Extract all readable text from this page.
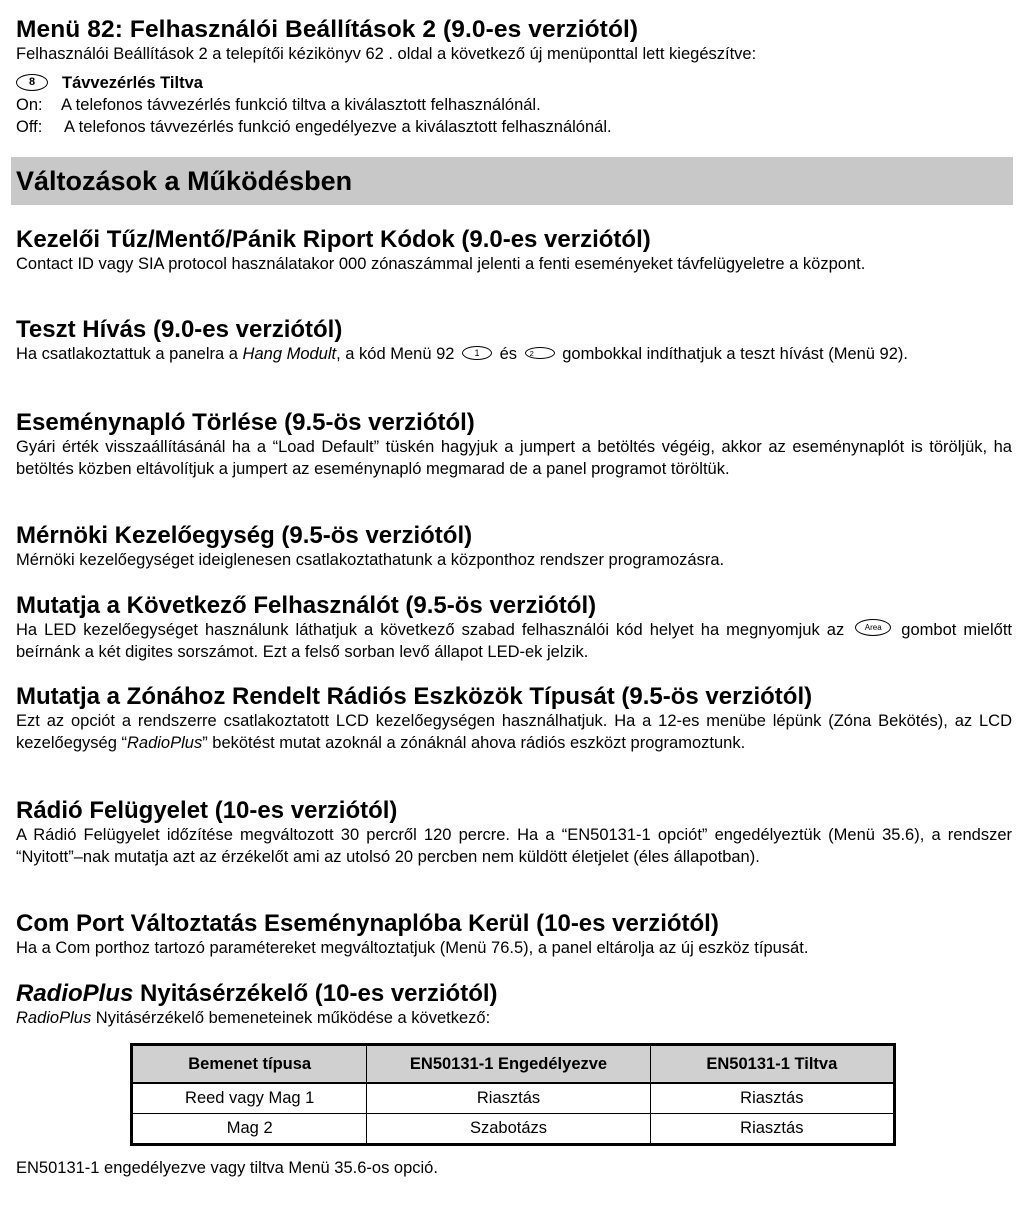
Menü 82: Felhasználói Beállítások 2 (9.0-es verziótól)

Felhasználói Beállítások 2 a telepítői kézikönyv 62 . oldal a következő új menüponttal lett kiegészítve:

8 Távvezérlés Tiltva

On: A telefonos távvezérlés funkció tiltva a kiválasztott felhasználónál.

Off: A telefonos távvezérlés funkció engedélyezve a kiválasztott felhasználónál.

Változások a Működésben
Kezelői Tűz/Mentő/Pánik Riport Kódok (9.0-es verziótól)

Contact ID vagy SIA protocol használatakor 000 zónaszámmal jelenti a fenti eseményeket távfelügyeletre a központ.

Teszt Hívás (9.0-es verziótól)

Ha csatlakoztattuk a panelra a Hang Modult, a kód Menü 92 1 és 2 gombokkal indíthatjuk a teszt hívást (Menü 92).

Eseménynapló Törlése (9.5-ös verziótól)

Gyári érték visszaállításánál ha a “Load Default” tüskén hagyjuk a jumpert a betöltés végéig, akkor az eseménynaplót is töröljük, ha betöltés közben eltávolítjuk a jumpert az eseménynapló megmarad de a panel programot töröltük.

Mérnöki Kezelőegység (9.5-ös verziótól)

Mérnöki kezelőegységet ideiglenesen csatlakoztathatunk a központhoz rendszer programozásra.

Mutatja a Következő Felhasználót (9.5-ös verziótól)

Ha LED kezelőegységet használunk láthatjuk a következő szabad felhasználói kód helyet ha megnyomjuk az Area gombot mielőtt beírnánk a két digites sorszámot. Ezt a felső sorban levő állapot LED-ek jelzik.

Mutatja a Zónához Rendelt Rádiós Eszközök Típusát (9.5-ös verziótól)

Ezt az opciót a rendszerre csatlakoztatott LCD kezelőegységen használhatjuk. Ha a 12-es menübe lépünk (Zóna Bekötés), az LCD kezelőegység “RadioPlus” bekötést mutat azoknál a zónáknál ahova rádiós eszközt programoztunk.

Rádió Felügyelet (10-es verziótól)

A Rádió Felügyelet időzítése megváltozott 30 percről 120 percre. Ha a “EN50131-1 opciót” engedélyeztük (Menü 35.6), a rendszer “Nyitott”–nak mutatja azt az érzékelőt ami az utolsó 20 percben nem küldött életjelet (éles állapotban).

Com Port Változtatás Eseménynaplóba Kerül (10-es verziótól)

Ha a Com porthoz tartozó paramétereket megváltoztatjuk (Menü 76.5), a panel eltárolja az új eszköz típusát.

RadioPlus Nyitásérzékelő (10-es verziótól)

RadioPlus Nyitásérzékelő bemeneteinek működése a következő:

Bemenet típusa	EN50131-1 Engedélyezve	EN50131-1 Tiltva
Reed vagy Mag 1	Riasztás	Riasztás
Mag 2	Szabotázs	Riasztás

EN50131-1 engedélyezve vagy tiltva Menü 35.6-os opció.
